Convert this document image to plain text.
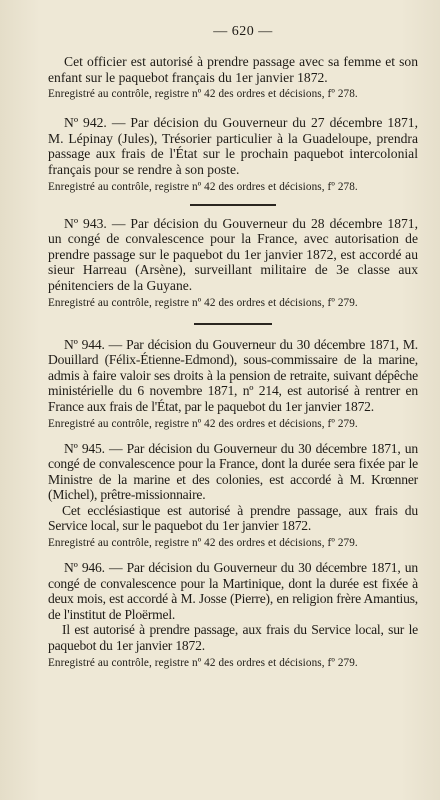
— 620 —

Cet officier est autorisé à prendre passage avec sa femme et son enfant sur le paquebot français du 1er janvier 1872.

Enregistré au contrôle, registre nº 42 des ordres et décisions, fº 278.

Nº 942. — Par décision du Gouverneur du 27 décembre 1871, M. Lépinay (Jules), Trésorier particulier à la Guadeloupe, prendra passage aux frais de l'État sur le prochain paquebot intercolonial français pour se rendre à son poste.

Enregistré au contrôle, registre nº 42 des ordres et décisions, fº 278.

Nº 943. — Par décision du Gouverneur du 28 décembre 1871, un congé de convalescence pour la France, avec autorisation de prendre passage sur le paquebot du 1er janvier 1872, est accordé au sieur Harreau (Arsène), surveillant militaire de 3e classe aux pénitenciers de la Guyane.

Enregistré au contrôle, registre nº 42 des ordres et décisions, fº 279.

Nº 944. — Par décision du Gouverneur du 30 décembre 1871, M. Douillard (Félix-Étienne-Edmond), sous-commissaire de la marine, admis à faire valoir ses droits à la pension de retraite, suivant dépêche ministérielle du 6 novembre 1871, nº 214, est autorisé à rentrer en France aux frais de l'État, par le paquebot du 1er janvier 1872.

Enregistré au contrôle, registre nº 42 des ordres et décisions, fº 279.

Nº 945. — Par décision du Gouverneur du 30 décembre 1871, un congé de convalescence pour la France, dont la durée sera fixée par le Ministre de la marine et des colonies, est accordé à M. Krœnner (Michel), prêtre-missionnaire.

Cet ecclésiastique est autorisé à prendre passage, aux frais du Service local, sur le paquebot du 1er janvier 1872.

Enregistré au contrôle, registre nº 42 des ordres et décisions, fº 279.

Nº 946. — Par décision du Gouverneur du 30 décembre 1871, un congé de convalescence pour la Martinique, dont la durée est fixée à deux mois, est accordé à M. Josse (Pierre), en religion frère Amantius, de l'institut de Ploërmel.

Il est autorisé à prendre passage, aux frais du Service local, sur le paquebot du 1er janvier 1872.

Enregistré au contrôle, registre nº 42 des ordres et décisions, fº 279.
